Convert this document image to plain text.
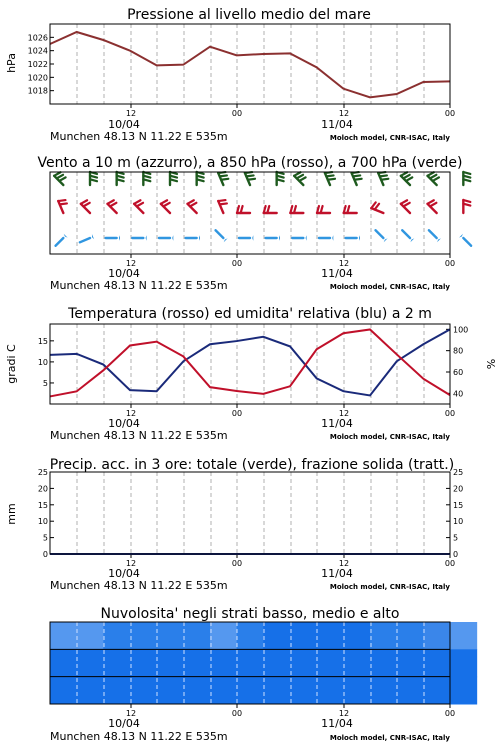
Pressione al livello medio del mare
hPa
Vento a 10 m (azzurro), a 850 hPa (rosso), a 700 hPa (verde)
Temperatura (rosso) ed umidita' relativa (blu) a 2 m
gradi C	%
Precip. acc. in 3 ore: totale (verde), frazione solida (tratt.)
mm
Nuvolosita' negli strati basso, medio e alto
12	00	12	00
10/04	11/04
Munchen 48.13 N 11.22 E 535m	Moloch model, CNR-ISAC, Italy
1018
1020
1022
1024
1026
12	00	12	00
10/04	11/04
Munchen 48.13 N 11.22 E 535m	Moloch model, CNR-ISAC, Italy
12	00	12	00
10/04	11/04
Munchen 48.13 N 11.22 E 535m	Moloch model, CNR-ISAC, Italy
5
10
15
40
60
80
100
12	00	12	00
10/04	11/04
Munchen 48.13 N 11.22 E 535m	Moloch model, CNR-ISAC, Italy
0
5
10
15
20
25
0
5
10
15
20
25
12	00	12	00
10/04	11/04
Munchen 48.13 N 11.22 E 535m	Moloch model, CNR-ISAC, Italy
